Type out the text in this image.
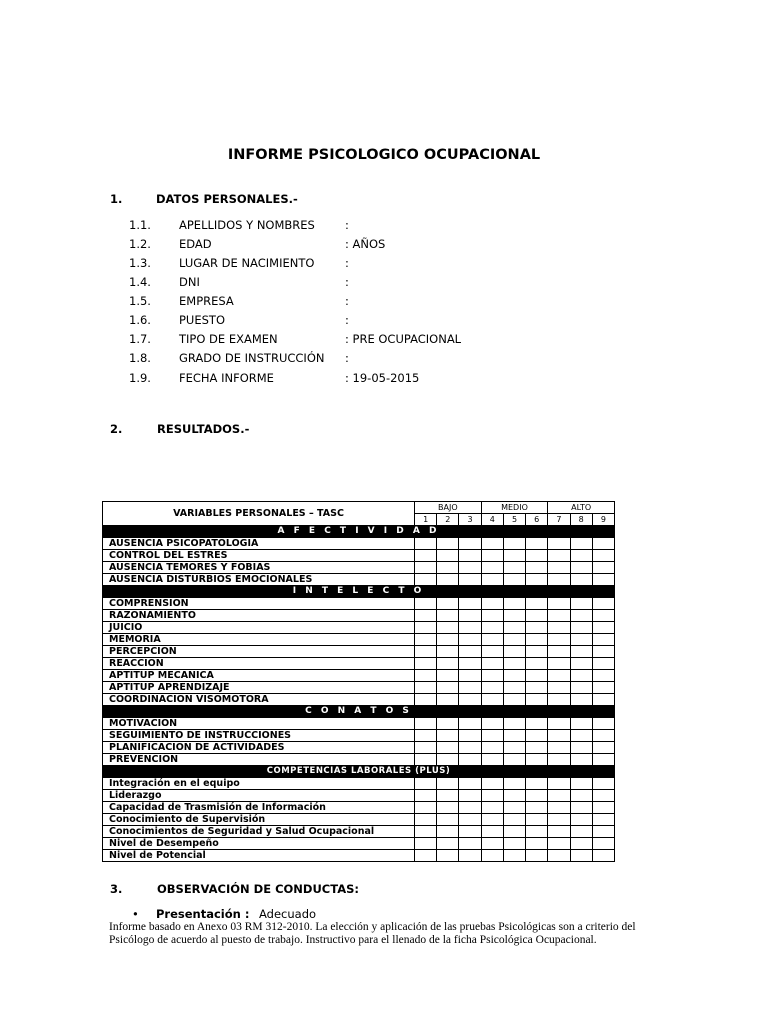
INFORME PSICOLOGICO OCUPACIONAL
1.	DATOS PERSONALES.-
1.1. APELLIDOS Y NOMBRES	:
1.2. EDAD	: AÑOS
1.3. LUGAR DE NACIMIENTO	:
1.4. DNI	:
1.5. EMPRESA	:
1.6. PUESTO	:
1.7. TIPO DE EXAMEN	: PRE OCUPACIONAL
1.8. GRADO DE INSTRUCCIÓN :
1.9. FECHA INFORME	: 19-05-2015
2.	RESULTADOS.-
VARIABLES PERSONALES – TASC	BAJO			MEDIO			ALTO		
	1	2	3	4	5	6	7	8	9
A F E C T I V I D A D									
AUSENCIA PSICOPATOLOGIA									
CONTROL DEL ESTRES									
AUSENCIA TEMORES Y FOBIAS									
AUSENCIA DISTURBIOS EMOCIONALES									
I N T E L E C T O									
COMPRENSION									
RAZONAMIENTO									
JUICIO									
MEMORIA									
PERCEPCION									
REACCION									
APTITUP MECANICA									
APTITUP APRENDIZAJE									
COORDINACION VISOMOTORA									
C O N A T O S									
MOTIVACIÓN									
SEGUIMIENTO DE INSTRUCCIONES									
PLANIFICACION DE ACTIVIDADES									
PREVENCION									
COMPETENCIAS LABORALES (PLUS)									
Integración en el equipo									
Liderazgo									
Capacidad de Trasmisión de Información									
Conocimiento de Supervisión									
Conocimientos de Seguridad y Salud Ocupacional									
Nivel de Desempeño									
Nivel de Potencial									
3.	OBSERVACIÓN DE CONDUCTAS:
• Presentación : Adecuado
Informe basado en Anexo 03 RM 312-2010. La elección y aplicación de las pruebas Psicológicas son a criterio del Psicólogo de acuerdo al puesto de trabajo. Instructivo para el llenado de la ficha Psicológica Ocupacional.
